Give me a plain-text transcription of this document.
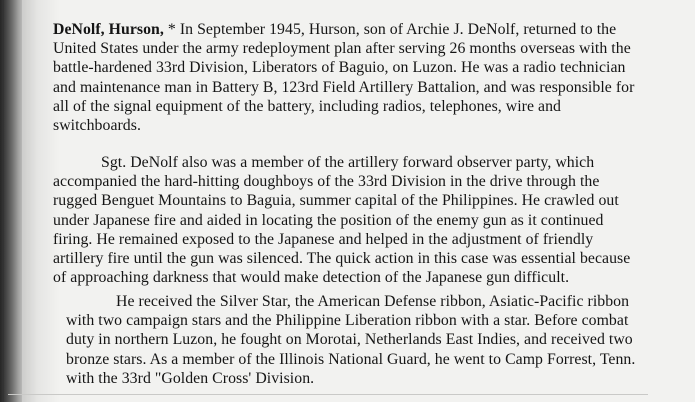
DeNolf, Hurson, * In September 1945, Hurson, son of Archie J. DeNolf, returned to the
United States under the army redeployment plan after serving 26 months overseas with the
battle-hardened 33rd Division, Liberators of Baguio, on Luzon. He was a radio technician
and maintenance man in Battery B, 123rd Field Artillery Battalion, and was responsible for
all of the signal equipment of the battery, including radios, telephones, wire and
switchboards.
Sgt. DeNolf also was a member of the artillery forward observer party, which
accompanied the hard-hitting doughboys of the 33rd Division in the drive through the
rugged Benguet Mountains to Baguia, summer capital of the Philippines. He crawled out
under Japanese fire and aided in locating the position of the enemy gun as it continued
firing. He remained exposed to the Japanese and helped in the adjustment of friendly
artillery fire until the gun was silenced. The quick action in this case was essential because
of approaching darkness that would make detection of the Japanese gun difficult.
He received the Silver Star, the American Defense ribbon, Asiatic-Pacific ribbon
with two campaign stars and the Philippine Liberation ribbon with a star. Before combat
duty in northern Luzon, he fought on Morotai, Netherlands East Indies, and received two
bronze stars. As a member of the Illinois National Guard, he went to Camp Forrest, Tenn.
with the 33rd "Golden Cross' Division.
